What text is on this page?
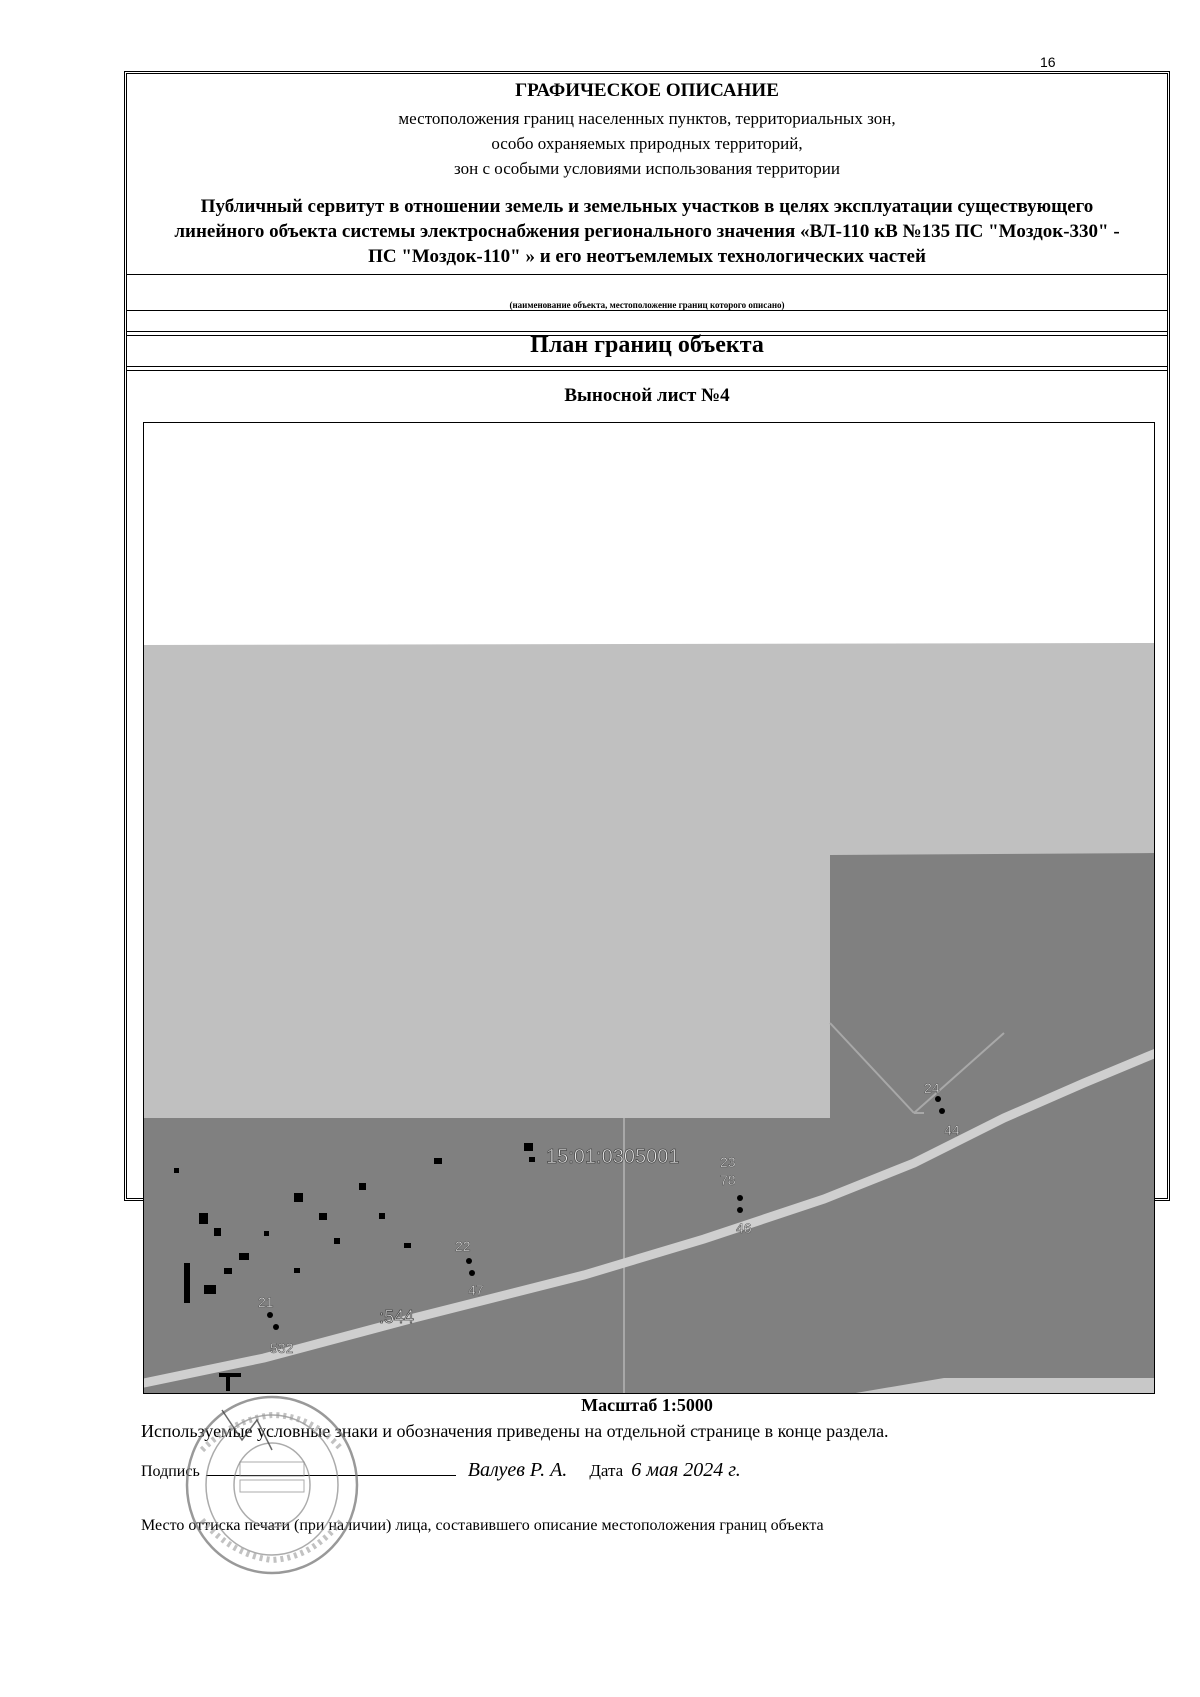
16
ГРАФИЧЕСКОЕ ОПИСАНИЕ
местоположения границ населенных пунктов, территориальных зон,
особо охраняемых природных территорий,
зон с особыми условиями использования территории
Публичный сервитут в отношении земель и земельных участков в целях эксплуатации существующего линейного объекта системы электроснабжения регионального значения «ВЛ-110 кВ №135 ПС "Моздок-330" - ПС "Моздок-110" » и его неотъемлемых технологических частей
(наименование объекта, местоположение границ которого описано)
План границ объекта
Выносной лист №4
21
532
22
47
23
78
46
24
44
15:01:0305001
:544
Масштаб 1:5000
Используемые условные знаки и обозначения приведены на отдельной странице в конце раздела.
Подпись	Валуев Р. А. Дата 6 мая 2024 г.
Место оттиска печати (при наличии) лица, составившего описание местоположения границ объекта
